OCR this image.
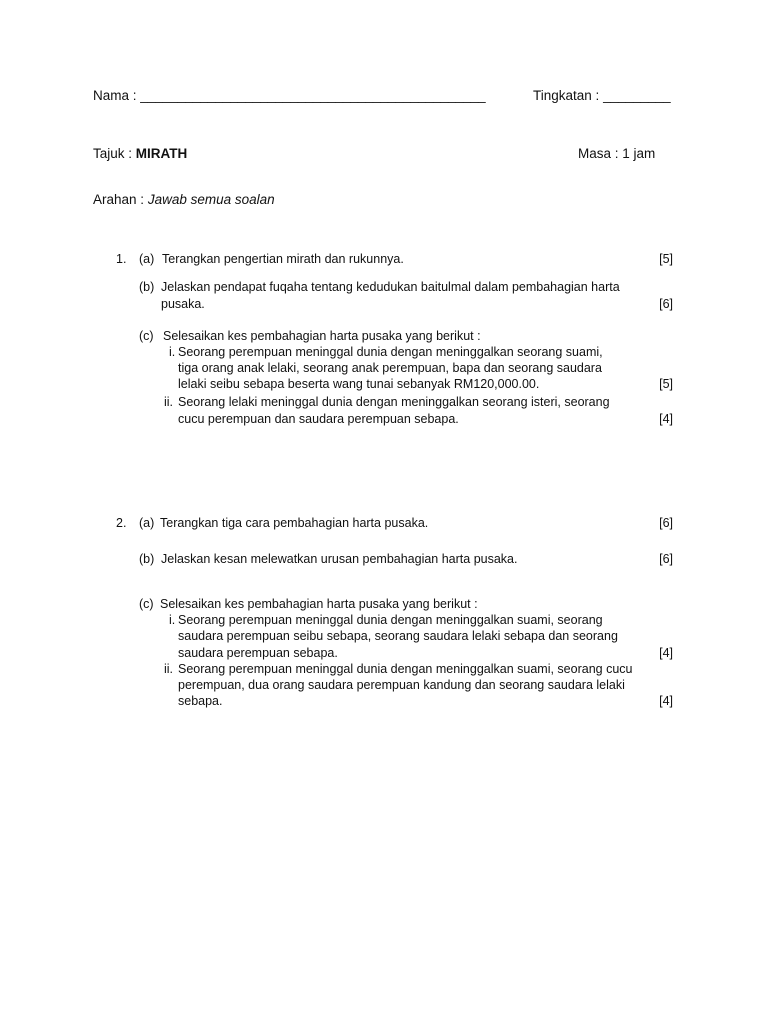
Nama : ______________________________________________	Tingkatan : _________
Tajuk : MIRATH	Masa : 1 jam
Arahan : Jawab semua soalan
1. (a) Terangkan pengertian mirath dan rukunnya.	[5]
(b) Jelaskan pendapat fuqaha tentang kedudukan baitulmal dalam pembahagian harta
pusaka.	[6]
(c) Selesaikan kes pembahagian harta pusaka yang berikut :
i. Seorang perempuan meninggal dunia dengan meninggalkan seorang suami,
tiga orang anak lelaki, seorang anak perempuan, bapa dan seorang saudara
lelaki seibu sebapa beserta wang tunai sebanyak RM120,000.00.	[5]
ii. Seorang lelaki meninggal dunia dengan meninggalkan seorang isteri, seorang
cucu perempuan dan saudara perempuan sebapa.	[4]
2. (a) Terangkan tiga cara pembahagian harta pusaka.	[6]
(b) Jelaskan kesan melewatkan urusan pembahagian harta pusaka.	[6]
(c) Selesaikan kes pembahagian harta pusaka yang berikut :
i. Seorang perempuan meninggal dunia dengan meninggalkan suami, seorang
saudara perempuan seibu sebapa, seorang saudara lelaki sebapa dan seorang
saudara perempuan sebapa.	[4]
ii. Seorang perempuan meninggal dunia dengan meninggalkan suami, seorang cucu
perempuan, dua orang saudara perempuan kandung dan seorang saudara lelaki
sebapa.	[4]
